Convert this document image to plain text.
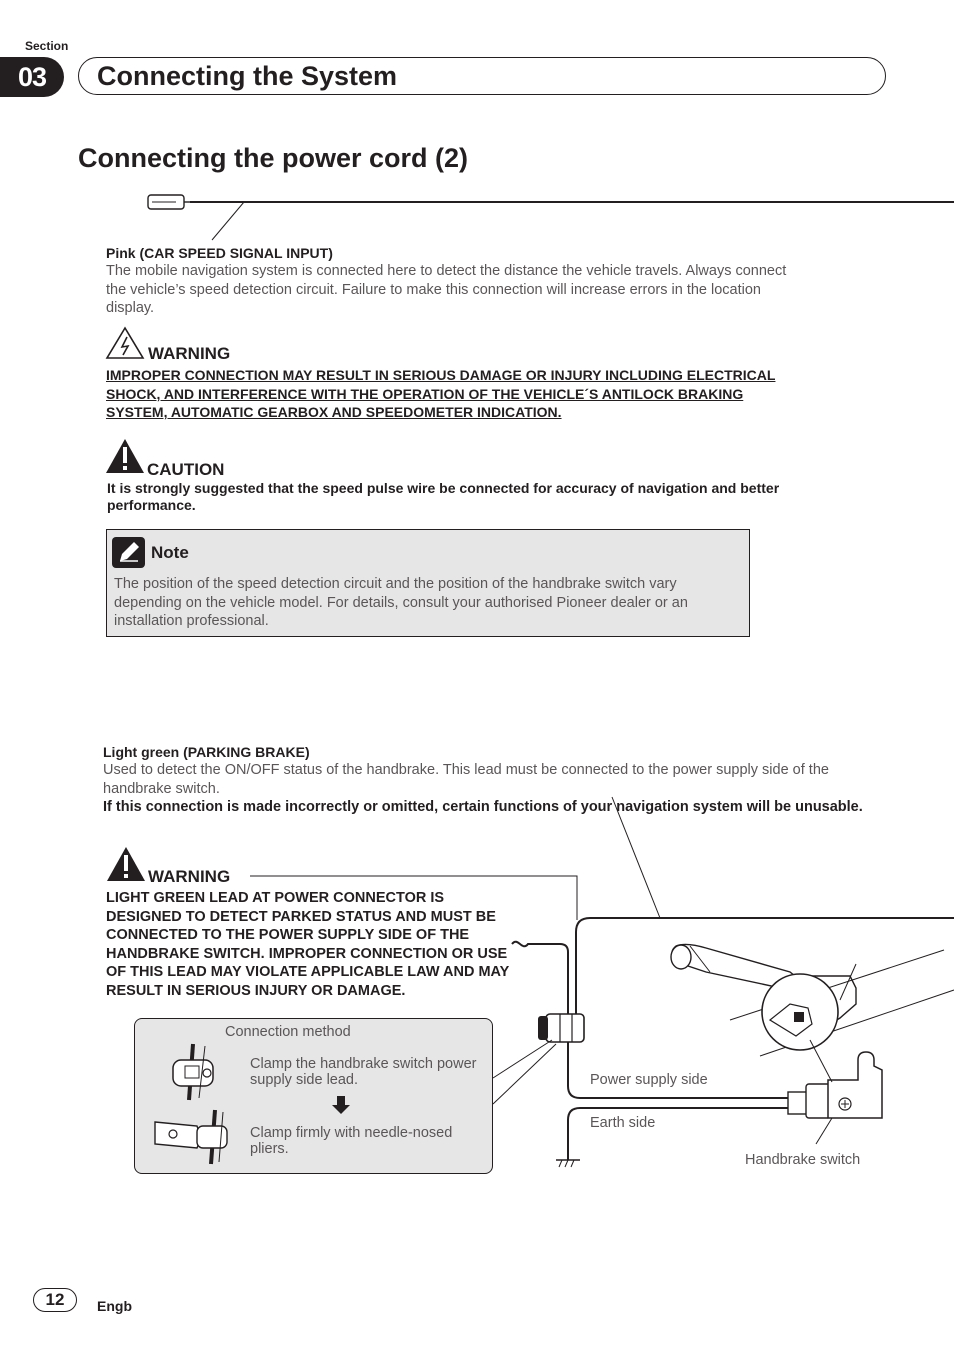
Section
03	Connecting the System
Connecting the power cord (2)
Pink (CAR SPEED SIGNAL INPUT)
The mobile navigation system is connected here to detect the distance the vehicle travels. Always connect the vehicle’s speed detection circuit. Failure to make this connection will increase errors in the location display.
WARNING
IMPROPER CONNECTION MAY RESULT IN SERIOUS DAMAGE OR INJURY INCLUDING ELECTRICAL SHOCK, AND INTERFERENCE WITH THE OPERATION OF THE VEHICLE´S ANTILOCK BRAKING SYSTEM, AUTOMATIC GEARBOX AND SPEEDOMETER INDICATION.
CAUTION
It is strongly suggested that the speed pulse wire be connected for accuracy of navigation and better performance.
Note
The position of the speed detection circuit and the position of the handbrake switch vary depending on the vehicle model. For details, consult your authorised Pioneer dealer or an installation professional.
Light green (PARKING BRAKE)
Used to detect the ON/OFF status of the handbrake. This lead must be connected to the power supply side of the handbrake switch.
If this connection is made incorrectly or omitted, certain functions of your navigation system will be unusable.
WARNING
LIGHT GREEN LEAD AT POWER CONNECTOR IS DESIGNED TO DETECT PARKED STATUS AND MUST BE CONNECTED TO THE POWER SUPPLY SIDE OF THE HANDBRAKE SWITCH. IMPROPER CONNECTION OR USE OF THIS LEAD MAY VIOLATE APPLICABLE LAW AND MAY RESULT IN SERIOUS INJURY OR DAMAGE.
Connection method
Clamp the handbrake switch power supply side lead.
Clamp firmly with needle-nosed pliers.
Power supply side
Earth side
Handbrake switch
12	Engb
